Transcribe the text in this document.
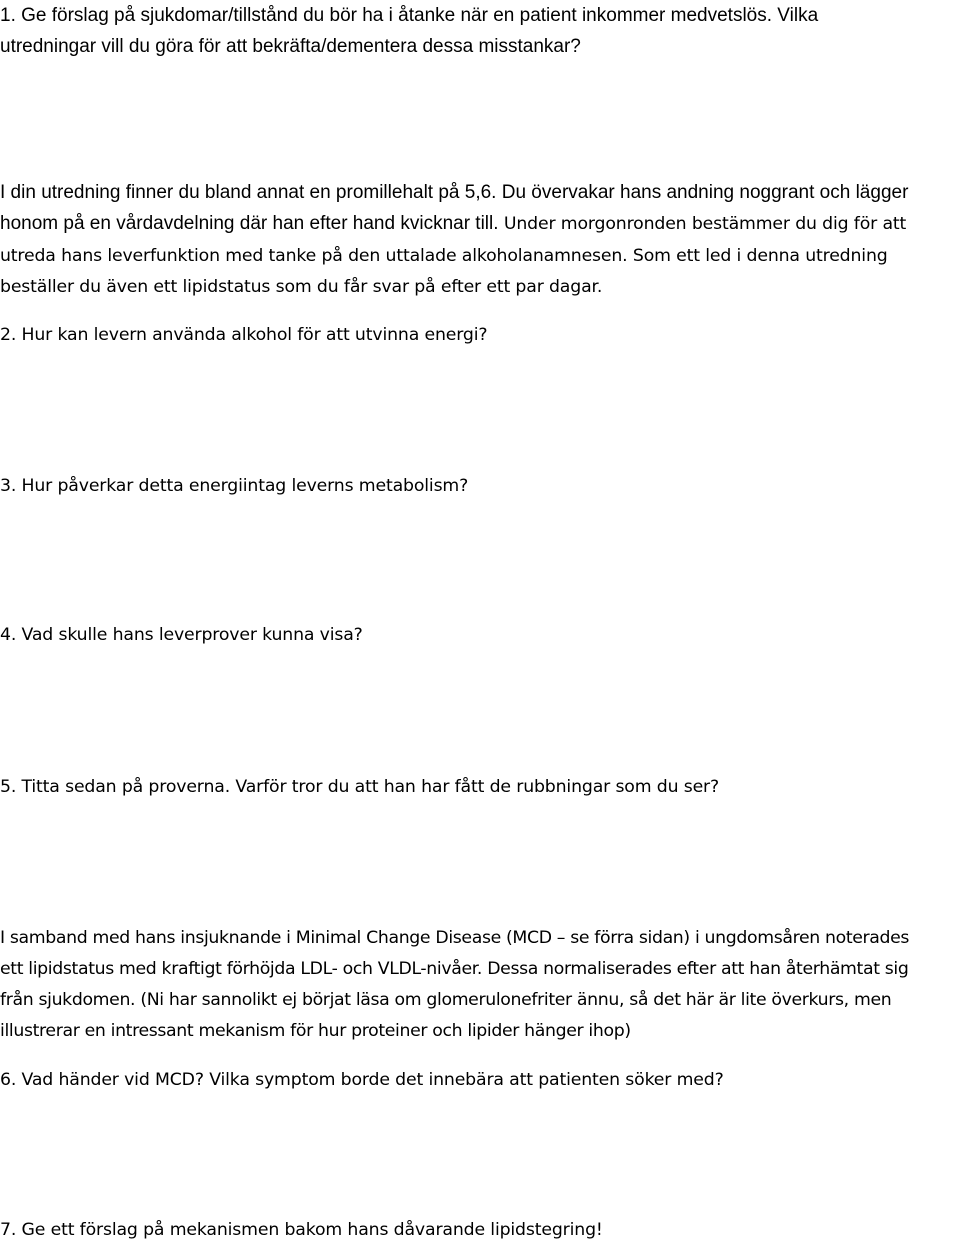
1. Ge förslag på sjukdomar/tillstånd du bör ha i åtanke när en patient inkommer medvetslös. Vilka
utredningar vill du göra för att bekräfta/dementera dessa misstankar?
I din utredning finner du bland annat en promillehalt på 5,6. Du övervakar hans andning noggrant och lägger
honom på en vårdavdelning där han efter hand kvicknar till. Under morgonronden bestämmer du dig för att
utreda hans leverfunktion med tanke på den uttalade alkoholanamnesen. Som ett led i denna utredning
beställer du även ett lipidstatus som du får svar på efter ett par dagar.
2. Hur kan levern använda alkohol för att utvinna energi?
3. Hur påverkar detta energiintag leverns metabolism?
4. Vad skulle hans leverprover kunna visa?
5. Titta sedan på proverna. Varför tror du att han har fått de rubbningar som du ser?
I samband med hans insjuknande i Minimal Change Disease (MCD – se förra sidan) i ungdomsåren noterades
ett lipidstatus med kraftigt förhöjda LDL- och VLDL-nivåer. Dessa normaliserades efter att han återhämtat sig
från sjukdomen. (Ni har sannolikt ej börjat läsa om glomerulonefriter ännu, så det här är lite överkurs, men
illustrerar en intressant mekanism för hur proteiner och lipider hänger ihop)
6. Vad händer vid MCD? Vilka symptom borde det innebära att patienten söker med?
7. Ge ett förslag på mekanismen bakom hans dåvarande lipidstegring!
